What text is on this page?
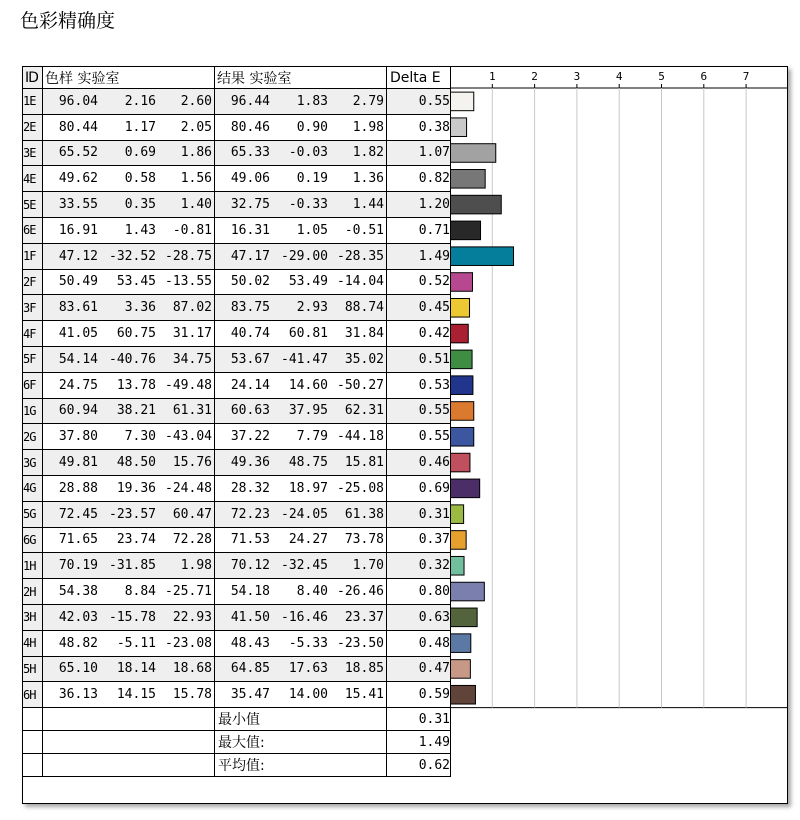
色彩精确度
ID	色样 实验室	结果 实验室	Delta E
1E	96.04 2.16 2.60	96.44 1.83 2.79	0.55
2E	80.44 1.17 2.05	80.46 0.90 1.98	0.38
3E	65.52 0.69 1.86	65.33 -0.03 1.82	1.07
4E	49.62 0.58 1.56	49.06 0.19 1.36	0.82
5E	33.55 0.35 1.40	32.75 -0.33 1.44	1.20
6E	16.91 1.43 -0.81	16.31 1.05 -0.51	0.71
1F	47.12 -32.52 -28.75	47.17 -29.00 -28.35	1.49
2F	50.49 53.45 -13.55	50.02 53.49 -14.04	0.52
3F	83.61 3.36 87.02	83.75 2.93 88.74	0.45
4F	41.05 60.75 31.17	40.74 60.81 31.84	0.42
5F	54.14 -40.76 34.75	53.67 -41.47 35.02	0.51
6F	24.75 13.78 -49.48	24.14 14.60 -50.27	0.53
1G	60.94 38.21 61.31	60.63 37.95 62.31	0.55
2G	37.80 7.30 -43.04	37.22 7.79 -44.18	0.55
3G	49.81 48.50 15.76	49.36 48.75 15.81	0.46
4G	28.88 19.36 -24.48	28.32 18.97 -25.08	0.69
5G	72.45 -23.57 60.47	72.23 -24.05 61.38	0.31
6G	71.65 23.74 72.28	71.53 24.27 73.78	0.37
1H	70.19 -31.85 1.98	70.12 -32.45 1.70	0.32
2H	54.38 8.84 -25.71	54.18 8.40 -26.46	0.80
3H	42.03 -15.78 22.93	41.50 -16.46 23.37	0.63
4H	48.82 -5.11 -23.08	48.43 -5.33 -23.50	0.48
5H	65.10 18.14 18.68	64.85 17.63 18.85	0.47
6H	36.13 14.15 15.78	35.47 14.00 15.41	0.59
		最小值	0.31
		最大值:	1.49
		平均值:	0.62
1	2	3	4	5	6	7
